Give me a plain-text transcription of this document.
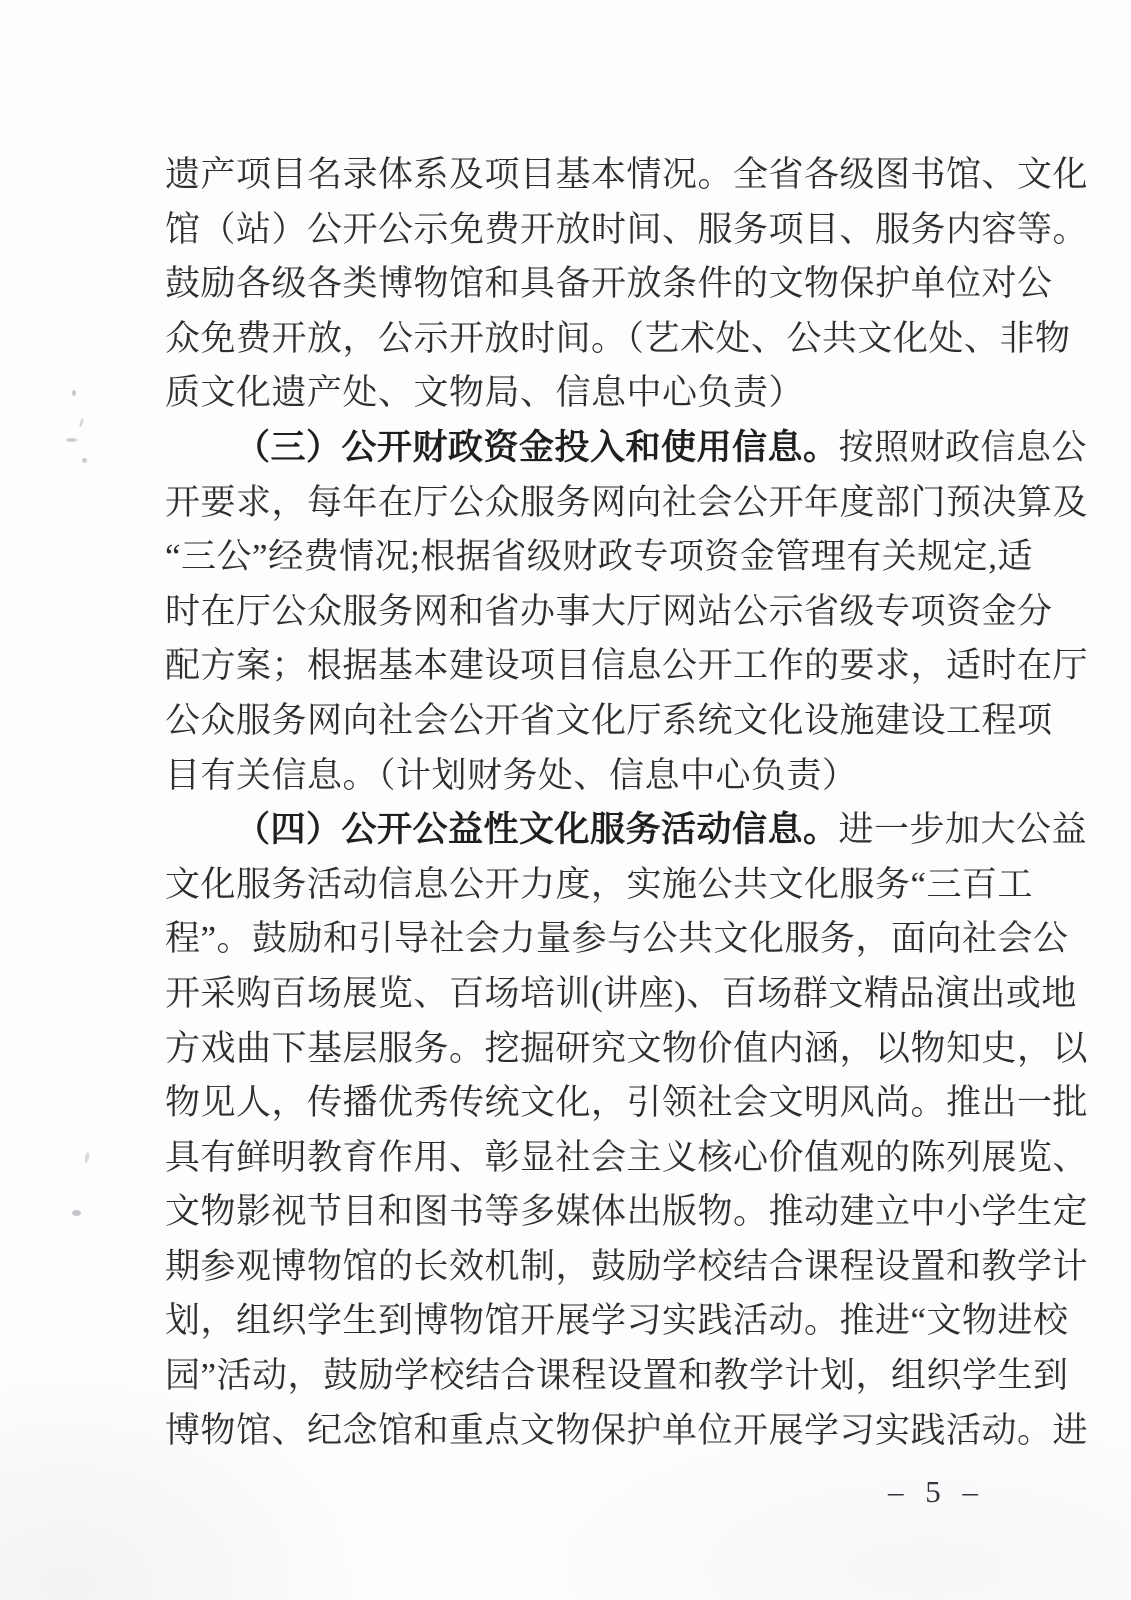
遗产项目名录体系及项目基本情况。全省各级图书馆、文化
馆（站）公开公示免费开放时间、服务项目、服务内容等。
鼓励各级各类博物馆和具备开放条件的文物保护单位对公
众免费开放，公示开放时间。（艺术处、公共文化处、非物
质文化遗产处、文物局、信息中心负责）
（三）公开财政资金投入和使用信息。按照财政信息公
开要求，每年在厅公众服务网向社会公开年度部门预决算及
“三公”经费情况;根据省级财政专项资金管理有关规定,适
时在厅公众服务网和省办事大厅网站公示省级专项资金分
配方案；根据基本建设项目信息公开工作的要求，适时在厅
公众服务网向社会公开省文化厅系统文化设施建设工程项
目有关信息。（计划财务处、信息中心负责）
（四）公开公益性文化服务活动信息。进一步加大公益
文化服务活动信息公开力度，实施公共文化服务“三百工
程”。鼓励和引导社会力量参与公共文化服务，面向社会公
开采购百场展览、百场培训(讲座)、百场群文精品演出或地
方戏曲下基层服务。挖掘研究文物价值内涵，以物知史，以
物见人，传播优秀传统文化，引领社会文明风尚。推出一批
具有鲜明教育作用、彰显社会主义核心价值观的陈列展览、
文物影视节目和图书等多媒体出版物。推动建立中小学生定
期参观博物馆的长效机制，鼓励学校结合课程设置和教学计
划，组织学生到博物馆开展学习实践活动。推进“文物进校
园”活动，鼓励学校结合课程设置和教学计划，组织学生到
博物馆、纪念馆和重点文物保护单位开展学习实践活动。进
– 5 –
